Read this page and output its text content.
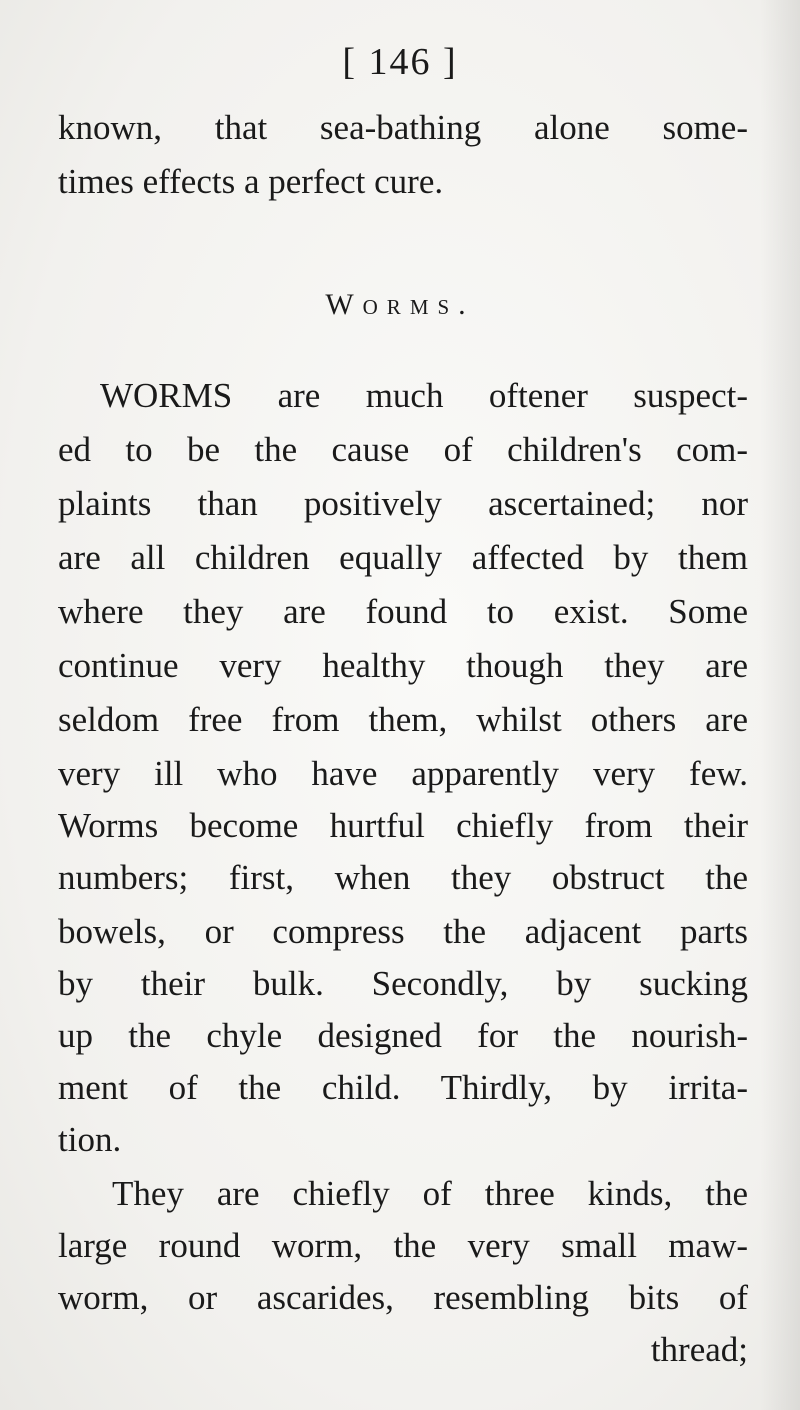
[ 146 ]
known, that sea-bathing alone some-
times effects a perfect cure.
Worms.
WORMS are much oftener suspect-
ed to be the cause of children's com-
plaints than positively ascertained; nor
are all children equally affected by them
where they are found to exist. Some
continue very healthy though they are
seldom free from them, whilst others are
very ill who have apparently very few.
Worms become hurtful chiefly from their
numbers; first, when they obstruct the
bowels, or compress the adjacent parts
by their bulk. Secondly, by sucking
up the chyle designed for the nourish-
ment of the child. Thirdly, by irrita-
tion.
They are chiefly of three kinds, the
large round worm, the very small maw-
worm, or ascarides, resembling bits of
thread;
